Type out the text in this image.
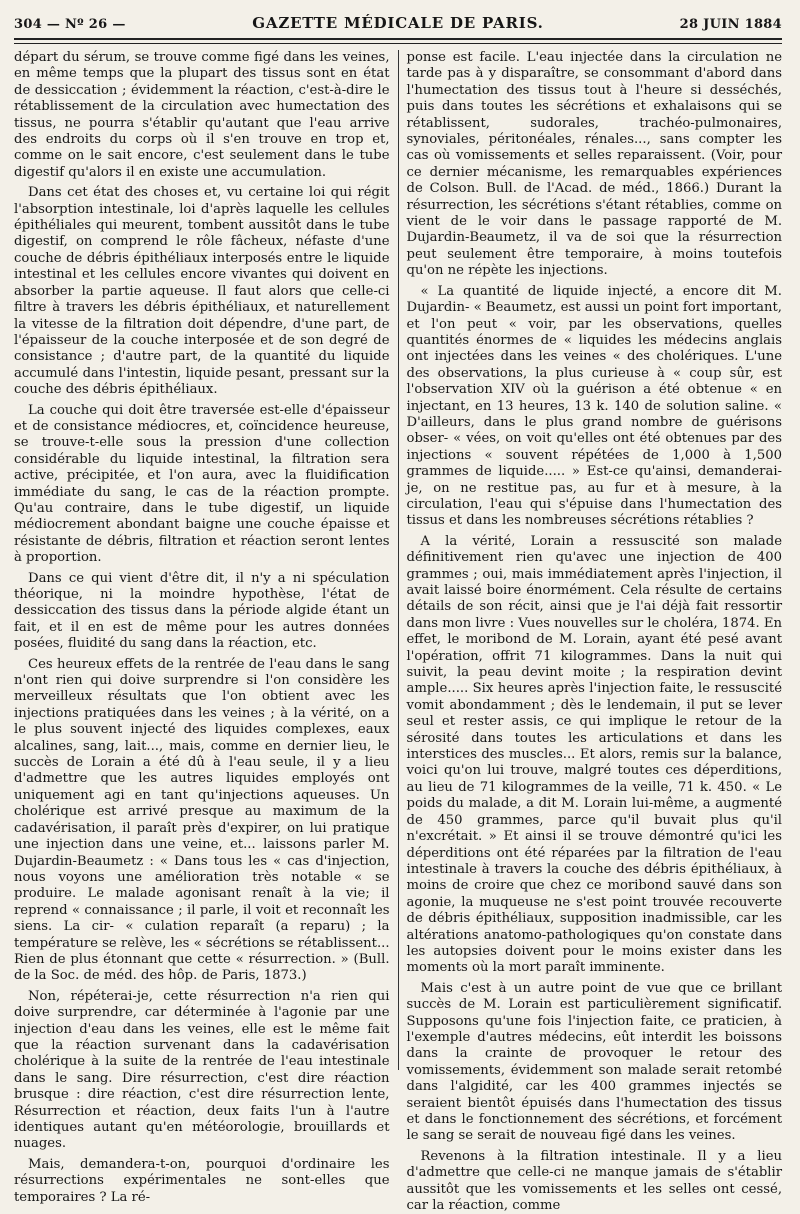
304 — Nº 26 —	GAZETTE MÉDICALE DE PARIS.	28 JUIN 1884

départ du sérum, se trouve comme figé dans les veines, en même temps que la plupart des tissus sont en état de dessiccation ; évidemment la réaction, c'est-à-dire le rétablissement de la circulation avec humectation des tissus, ne pourra s'établir qu'autant que l'eau arrive des endroits du corps où il s'en trouve en trop et, comme on le sait encore, c'est seulement dans le tube digestif qu'alors il en existe une accumulation.

Dans cet état des choses et, vu certaine loi qui régit l'absorption intestinale, loi d'après laquelle les cellules épithéliales qui meurent, tombent aussitôt dans le tube digestif, on comprend le rôle fâcheux, néfaste d'une couche de débris épithéliaux interposés entre le liquide intestinal et les cellules encore vivantes qui doivent en absorber la partie aqueuse. Il faut alors que celle-ci filtre à travers les débris épithéliaux, et naturellement la vitesse de la filtration doit dépendre, d'une part, de l'épaisseur de la couche interposée et de son degré de consistance ; d'autre part, de la quantité du liquide accumulé dans l'intestin, liquide pesant, pressant sur la couche des débris épithéliaux.

La couche qui doit être traversée est-elle d'épaisseur et de consistance médiocres, et, coïncidence heureuse, se trouve-t-elle sous la pression d'une collection considérable du liquide intestinal, la filtration sera active, précipitée, et l'on aura, avec la fluidification immédiate du sang, le cas de la réaction prompte. Qu'au contraire, dans le tube digestif, un liquide médiocrement abondant baigne une couche épaisse et résistante de débris, filtration et réaction seront lentes à proportion.

Dans ce qui vient d'être dit, il n'y a ni spéculation théorique, ni la moindre hypothèse, l'état de dessiccation des tissus dans la période algide étant un fait, et il en est de même pour les autres données posées, fluidité du sang dans la réaction, etc.

Ces heureux effets de la rentrée de l'eau dans le sang n'ont rien qui doive surprendre si l'on considère les merveilleux résultats que l'on obtient avec les injections pratiquées dans les veines ; à la vérité, on a le plus souvent injecté des liquides complexes, eaux alcalines, sang, lait..., mais, comme en dernier lieu, le succès de Lorain a été dû à l'eau seule, il y a lieu d'admettre que les autres liquides employés ont uniquement agi en tant qu'injections aqueuses. Un cholérique est arrivé presque au maximum de la cadavérisation, il paraît près d'expirer, on lui pratique une injection dans une veine, et... laissons parler M. Dujardin-Beaumetz : « Dans tous les « cas d'injection, nous voyons une amélioration très notable « se produire. Le malade agonisant renaît à la vie; il reprend « connaissance ; il parle, il voit et reconnaît les siens. La cir- « culation reparaît (a reparu) ; la température se relève, les « sécrétions se rétablissent... Rien de plus étonnant que cette « résurrection. » (Bull. de la Soc. de méd. des hôp. de Paris, 1873.)

Non, répéterai-je, cette résurrection n'a rien qui doive surprendre, car déterminée à l'agonie par une injection d'eau dans les veines, elle est le même fait que la réaction survenant dans la cadavérisation cholérique à la suite de la rentrée de l'eau intestinale dans le sang. Dire résurrection, c'est dire réaction brusque : dire réaction, c'est dire résurrection lente, Résurrection et réaction, deux faits l'un à l'autre identiques autant qu'en météorologie, brouillards et nuages.

Mais, demandera-t-on, pourquoi d'ordinaire les résurrections expérimentales ne sont-elles que temporaires ? La ré-

ponse est facile. L'eau injectée dans la circulation ne tarde pas à y disparaître, se consommant d'abord dans l'humectation des tissus tout à l'heure si desséchés, puis dans toutes les sécrétions et exhalaisons qui se rétablissent, sudorales, trachéo-pulmonaires, synoviales, péritonéales, rénales..., sans compter les cas où vomissements et selles reparaissent. (Voir, pour ce dernier mécanisme, les remarquables expériences de Colson. Bull. de l'Acad. de méd., 1866.) Durant la résurrection, les sécrétions s'étant rétablies, comme on vient de le voir dans le passage rapporté de M. Dujardin-Beaumetz, il va de soi que la résurrection peut seulement être temporaire, à moins toutefois qu'on ne répète les injections.

« La quantité de liquide injecté, a encore dit M. Dujardin- « Beaumetz, est aussi un point fort important, et l'on peut « voir, par les observations, quelles quantités énormes de « liquides les médecins anglais ont injectées dans les veines « des cholériques. L'une des observations, la plus curieuse à « coup sûr, est l'observation XIV où la guérison a été obtenue « en injectant, en 13 heures, 13 k. 140 de solution saline. « D'ailleurs, dans le plus grand nombre de guérisons obser- « vées, on voit qu'elles ont été obtenues par des injections « souvent répétées de 1,000 à 1,500 grammes de liquide..... » Est-ce qu'ainsi, demanderai-je, on ne restitue pas, au fur et à mesure, à la circulation, l'eau qui s'épuise dans l'humectation des tissus et dans les nombreuses sécrétions rétablies ?

A la vérité, Lorain a ressuscité son malade définitivement rien qu'avec une injection de 400 grammes ; oui, mais immédiatement après l'injection, il avait laissé boire énormément. Cela résulte de certains détails de son récit, ainsi que je l'ai déjà fait ressortir dans mon livre : Vues nouvelles sur le choléra, 1874. En effet, le moribond de M. Lorain, ayant été pesé avant l'opération, offrit 71 kilogrammes. Dans la nuit qui suivit, la peau devint moite ; la respiration devint ample..... Six heures après l'injection faite, le ressuscité vomit abondamment ; dès le lendemain, il put se lever seul et rester assis, ce qui implique le retour de la sérosité dans toutes les articulations et dans les interstices des muscles... Et alors, remis sur la balance, voici qu'on lui trouve, malgré toutes ces déperditions, au lieu de 71 kilogrammes de la veille, 71 k. 450. « Le poids du malade, a dit M. Lorain lui-même, a augmenté de 450 grammes, parce qu'il buvait plus qu'il n'excrétait. » Et ainsi il se trouve démontré qu'ici les déperditions ont été réparées par la filtration de l'eau intestinale à travers la couche des débris épithéliaux, à moins de croire que chez ce moribond sauvé dans son agonie, la muqueuse ne s'est point trouvée recouverte de débris épithéliaux, supposition inadmissible, car les altérations anatomo-pathologiques qu'on constate dans les autopsies doivent pour le moins exister dans les moments où la mort paraît imminente.

Mais c'est à un autre point de vue que ce brillant succès de M. Lorain est particulièrement significatif. Supposons qu'une fois l'injection faite, ce praticien, à l'exemple d'autres médecins, eût interdit les boissons dans la crainte de provoquer le retour des vomissements, évidemment son malade serait retombé dans l'algidité, car les 400 grammes injectés se seraient bientôt épuisés dans l'humectation des tissus et dans le fonctionnement des sécrétions, et forcément le sang se serait de nouveau figé dans les veines.

Revenons à la filtration intestinale. Il y a lieu d'admettre que celle-ci ne manque jamais de s'établir aussitôt que les vomissements et les selles ont cessé, car la réaction, comme
